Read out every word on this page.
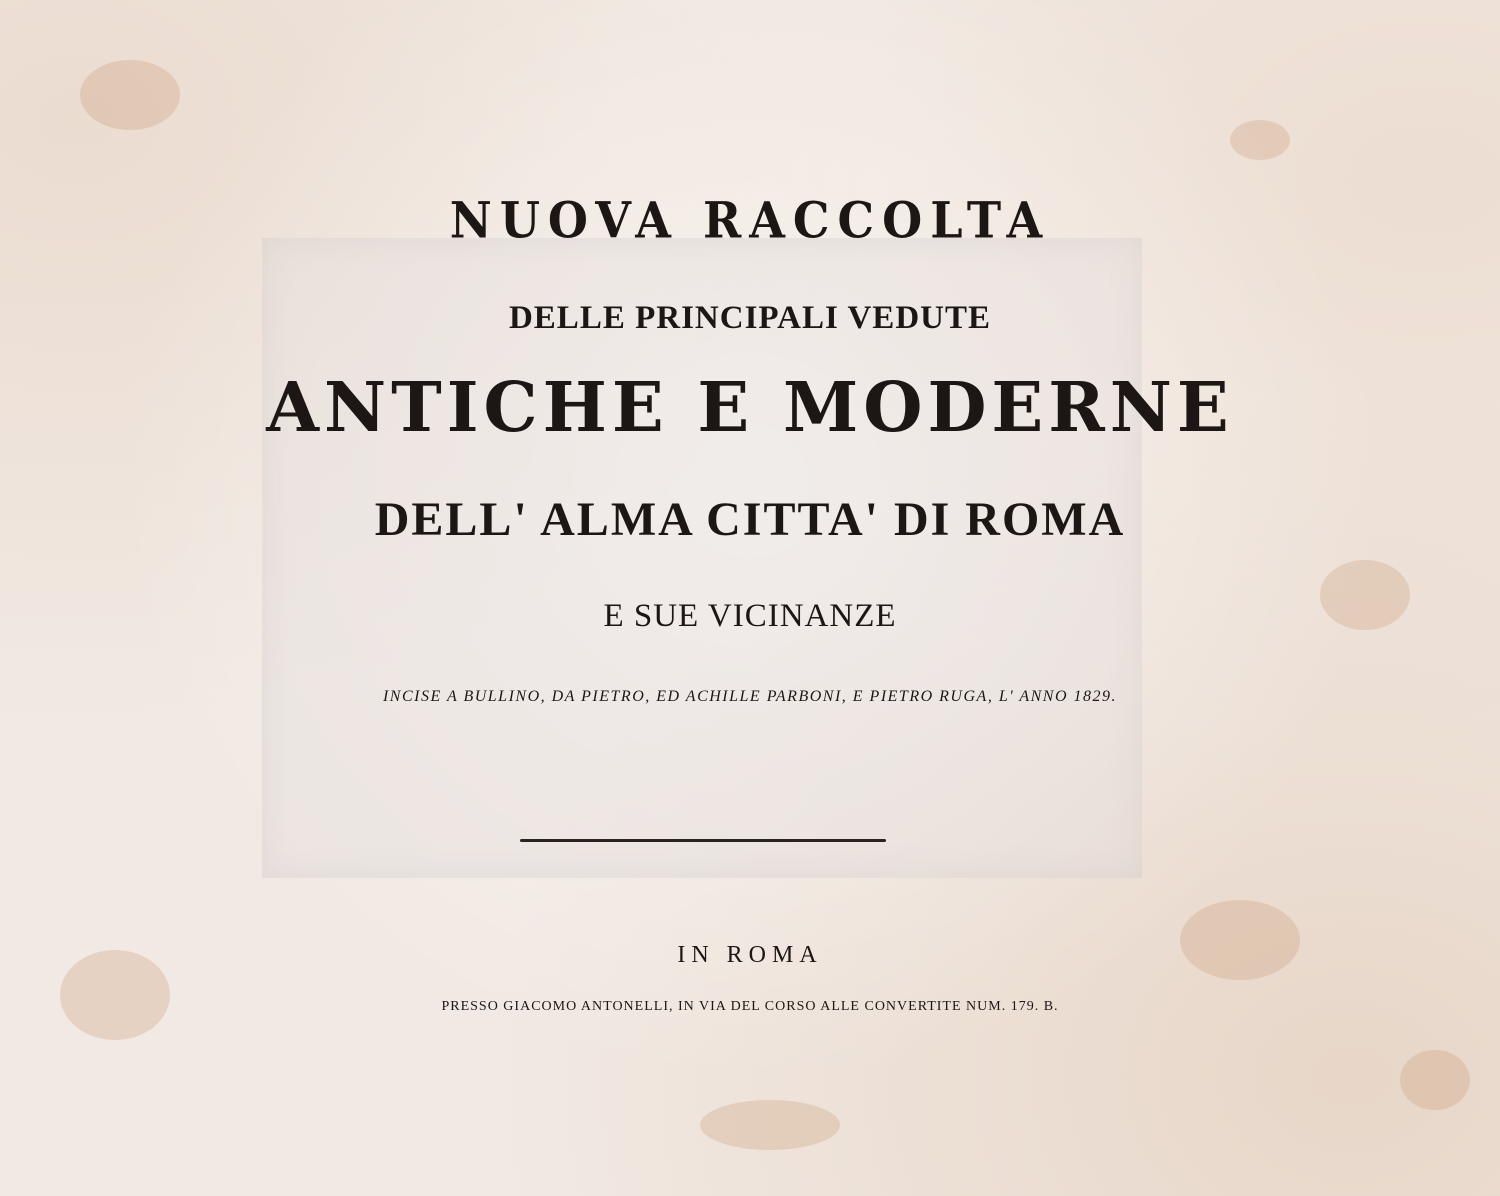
NUOVA RACCOLTA
DELLE PRINCIPALI VEDUTE
ANTICHE E MODERNE
DELL' ALMA CITTA' DI ROMA
E SUE VICINANZE
INCISE A BULLINO, DA PIETRO, ED ACHILLE PARBONI, E PIETRO RUGA, L' ANNO 1829.
IN ROMA
PRESSO GIACOMO ANTONELLI, IN VIA DEL CORSO ALLE CONVERTITE NUM. 179. B.
